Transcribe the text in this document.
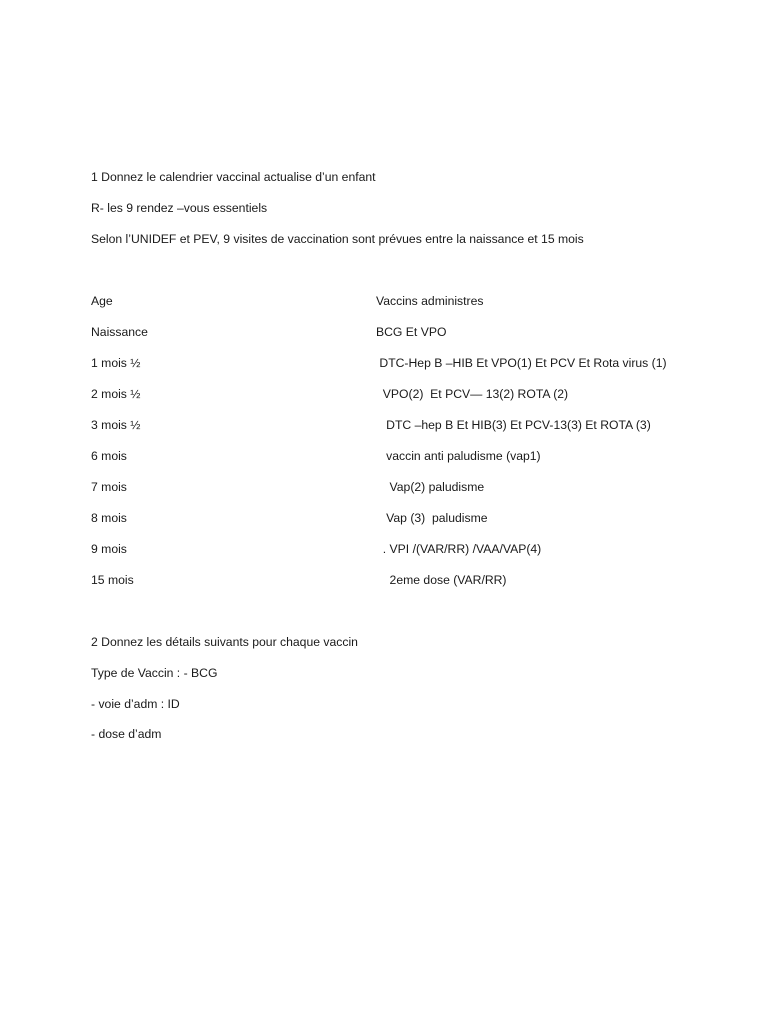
1 Donnez le calendrier vaccinal actualise d’un enfant
R- les 9 rendez –vous essentiels
Selon l’UNIDEF et PEV, 9 visites de vaccination sont prévues entre la naissance et 15 mois

Age

	Vaccins administres

Naissance

	BCG Et VPO

1 mois ½

	DTC-Hep B –HIB Et VPO(1) Et PCV Et Rota virus (1)

2 mois ½

	VPO(2)  Et PCV— 13(2) ROTA (2)

3 mois ½

	DTC –hep B Et HIB(3) Et PCV-13(3) Et ROTA (3)

6 mois

	vaccin anti paludisme (vap1)

7 mois

	Vap(2) paludisme

8 mois

	Vap (3)  paludisme

9 mois

	. VPI /(VAR/RR) /VAA/VAP(4)

15 mois

	2eme dose (VAR/RR)

2 Donnez les détails suivants pour chaque vaccin
Type de Vaccin : - BCG
- voie d’adm : ID
- dose d’adm
